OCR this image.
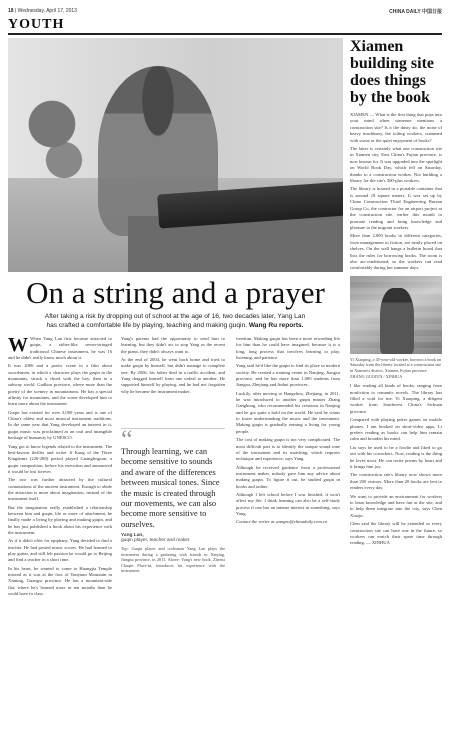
18 | Wednesday, April 17, 2013	CHINA DAILY 中国日报
YOUTH
Xiamen building site does things by the book

XIAMEN — What is the first thing that pops into your mind when someone mentions a construction site? Is it the dusty air, the noise of heavy machinery, the toiling workers, crammed with sweat or the quiet enjoyment of books?

The latter is certainly what one construction site in Xiamen city, East China's Fujian province, is now known for. It was upgraded into the spotlight on World Book Day, which fell on Saturday, thanks to a construction worker. Not building a library for the site's 300-plus workers.

The library is housed in a portable container that is around 18 square meters. It was set up by China Construction Third Engineering Bureau Group Co, the contractor for an airport project at the construction site, earlier this month to promote reading and bring knowledge and pleasure to the migrant workers.

More than 2,000 books in different categories, from management to fiction, are neatly placed on shelves. On the wall hangs a bulletin board that lists the rules for borrowing books. The room is also air-conditioned, so the workers can read comfortably during hot summer days.

Yi Xiaoping, a 45-year-old worker, borrows a book on Saturday from the library located at a construction site in Xiamen's district, Xiamen, Fujian province. ZHANG GUOJUN / XINHUA

I like reading all kinds of books, ranging from nonfiction to romantic novels. The library has filled a void for me. Yi Xiaoping, a diligent worker from Southwest China's Sichuan province.

Compared with playing poker games on mobile phones, I am hooked on short-video apps, Li prefers reading as books can help him remain calm and broaden his mind.

Liu says he used to be a foodie and liked to go out with his coworkers. Now, reading is the thing he loves most. He can recite poems by heart and it brings him joy.

The construction site's library now shows more than 200 visitors. More than 20 books are lent to readers every day.

We want to provide an environment for workers to learn knowledge and have fun at the site, and to help them integrate into the city, says Chen Xiaoju.

Chen said the library will be extended so every construction site can have one in the future, so workers can enrich their spare time through reading. — XINHUA

On a string and a prayer
After taking a risk by dropping out of school at the age of 16, two decades later, Yang Lan has crafted a comfortable life by playing, teaching and making guqin. Wang Ru reports.

W When Yang Lan first became attracted to guqin, a zither-like seven-stringed traditional Chinese instrument, he was 16 and he didn't really know much about it.

It was 2006 and a poetic scene in a film about swordsmen, in which a character plays the guqin in the mountains, struck a chord with the boy, then in a subway world. Gudhou province, where more than the poetry of the scenery in mountainous. He has a special affinity for mountains, and the scene developed him to learn more about the instrument.

Guqin has existed for over 3,000 years and is one of China's oldest and most musical instrument traditions. In the same year that Yang developed an interest in it, guqin music was proclaimed as an oral and intangible heritage of humanity by UNESCO.

Yang got to know legends related to the instrument. The best-known thriller and writer Ji Kang of the Three Kingdoms (220-280) period played Guanglingsan, a guqin composition, before his execution and announced it would be lost forever.

The two was further attracted by the cultural connotations of the ancient instrument. Enough to abide the attraction is more about imagination, instead of the instrument itself.

But the imagination really established a relationship between him and guqin, life or more of attachment, he finally made a living by playing and making guqin, and he has just published a book about his experience with the instrument.

As if it didn't offer for epiphany, Yang decided to find a teacher. He had posted music scores. He had learned to play guitar, and still felt passion he would go to Beijing and find a teacher in a short time.

In his heart, he wanted to come to Huangjia Temple instead as it was at the foot of Yunyuan Mountain in Xiuning, Guangxi province. He has a mountain-side flat, where he's learned more in ten months than he could have in class.

Yang's parents had the opportunity to send him to learning, but they didn't act to stop Yang as the recent the piano, they didn't always want to.

At the end of 2004, he went back home and tried to make guqin by himself, but didn't manage to complete one. By 2006, his father died in a traffic accident, and Yang dragged himself from one ordeal to another. He supported himself by playing, and he had not forgotten why he became the instrument maker.

“
Through learning, we can become sensitive to sounds and aware of the differences between musical tones. Since the music is created through our movements, we can also become more sensitive to ourselves.
Yang Lan,
guqin player, teacher and maker

Top: Guqin player and craftsman Yang Lan plays the instrument during a gathering with friends in Nanjing, Jiangsu province, in 2013. Above: Yang's new book, Zhenxi Chuqin Phwe-ni, introduces his experience with the instrument.

freedom. Making guqin has been a more rewarding life for him than he could have imagined, because it is a long, long process that involves learning to play, listening, and patience.

Yang said he'd like the guqin to find its place in modern society. He created a training center in Nanjing, Jiangsu province, and he has more than 1,000 students from Jiangsu, Zhejiang and Anhui provinces.

Luckily, after moving to Hangzhou, Zhejiang, in 2011, he was introduced to another guqin master Zhang Ganghong, who recommended his creations in Nanjing and he got quite a hold on the world. He said he wants to foster understanding the music and the instrument. Making guqin is gradually earning a living for young people.

The cost of making guqin is not very complicated. The most difficult part is to identify the unique sound tone of the instrument and its matching, which requires technique and experience, says Yang.

Although he received guidance from a professional instrument maker, nobody gave him any advice about making guqin. To figure it out, he studied guqin in books and online.

Although I left school before I was finished, it won't affect my life. I think learning can also be a self-study process if one has an intense interest in something, says Yang.

Contact the writer at wangru@chinadaily.com.cn
